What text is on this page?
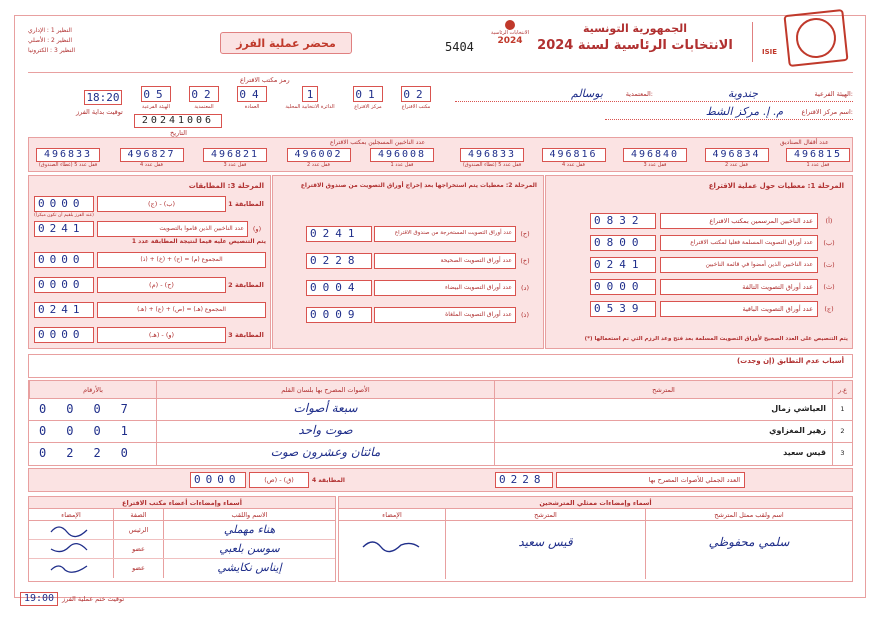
النظير 1 : الإداري
النظير 2 : الأصلي
النظير 3 : الكترونيا
محضر عملية الفرز	5404
الانتخابات الرئاسية
2024
الجمهورية التونسية
الانتخابات الرئاسية لسنة 2024	ISIE
18:20
توقيت بداية الفرز
رمز مكتب الاقتراع
05
الهيئة الفرعية
02
المعتمدية
04
العمادة
1
الدائرة الانتخابية المحلية
01
مركز الاقتراع
02
مكتب الاقتراع
20241006
التاريخ
الهيئة الفرعية:
جندوبة
المعتمدية:
بوسالم
اسم مركز الاقتراع:
م. إ. مركز الشط
عدد الناخبين المسجلين بمكتب الاقتراع	عدد أقفال الصناديق
496833
قفل عدد 5 (غطاء الصندوق)
496827
قفل عدد 4
496821
قفل عدد 3
496002
قفل عدد 2
496008
قفل عدد 1
496833
قفل عدد 5 (غطاء الصندوق)
496816
قفل عدد 4
496840
قفل عدد 3
496834
قفل عدد 2
496815
قفل عدد 1
المرحلة 1: معطيات حول عملية الاقتراع
0832	عدد الناخبين المرسمين بمكتب الاقتراع	(أ)
0800	عدد أوراق التصويت المسلمة فعليا لمكتب الاقتراع	(ب)
0241	عدد الناخبين الذين أمضوا في قائمة الناخبين	(ت)
0000	عدد أوراق التصويت التالفة	(ث)
0539	عدد أوراق التصويت الباقية	(ج)
(*) يتم التنصيص على العدد الصحيح لأوراق التصويت المسلمة بعد فتح وعد الرزم التي تم استعمالها
المرحلة 2: معطيات يتم استخراجها بعد إخراج أوراق التصويت من صندوق الاقتراع
0241	عدد أوراق التصويت المستخرجة من صندوق الاقتراع	(ح)
0228	عدد أوراق التصويت الصحيحة	(خ)
0004	عدد أوراق التصويت البيضاء	(د)
0009	عدد أوراق التصويت الملغاة	(ذ)
المرحلة 3: المطابقات
0000	(ج) - (ب)	المطابقة 1
(عند الفرز بلقيم أن تكون مبكراً)
0241	عدد الناخبين الذين قاموا بالتصويت	(و)
يتم التنصيص عليه فيما لنتيجة المطابقة عدد 1
0000	المجموع (م) = (ح) + (خ) + (ذ)
0000	(م) - (ح)	المطابقة 2
0241	المجموع (هـ) = (ص) + (ع) + (هـ)
0000	(هـ) - (و)	المطابقة 3
أسباب عدم التطابق (إن وجدت)
بالأرقام	الأصوات المصرح بها بلسان القلم	المترشح	ع.ر
0007	سبعة أصوات	العياشي زمال	1
0001	صوت واحد	زهير المغزاوي	2
0220	مائتان وعشرون صوت	قيس سعيد	3
0000	(ص) - (ق)	المطابقة 4	0228	العدد الجملي للأصوات المصرح بها
أسماء وإمضاءات ممثلي المترشحين
الإمضاء	المترشح	اسم ولقب ممثل المترشح
قيس سعيد	سلمي محفوظي
أسماء وإمضاءات أعضاء مكتب الاقتراع
الإمضاء	الصفة	الاسم واللقب
الرئيس	هناء مهملي
عضو	سوسن بلعبي
عضو	إيناس نكايشي
19:00	توقيت ختم عملية الفرز
